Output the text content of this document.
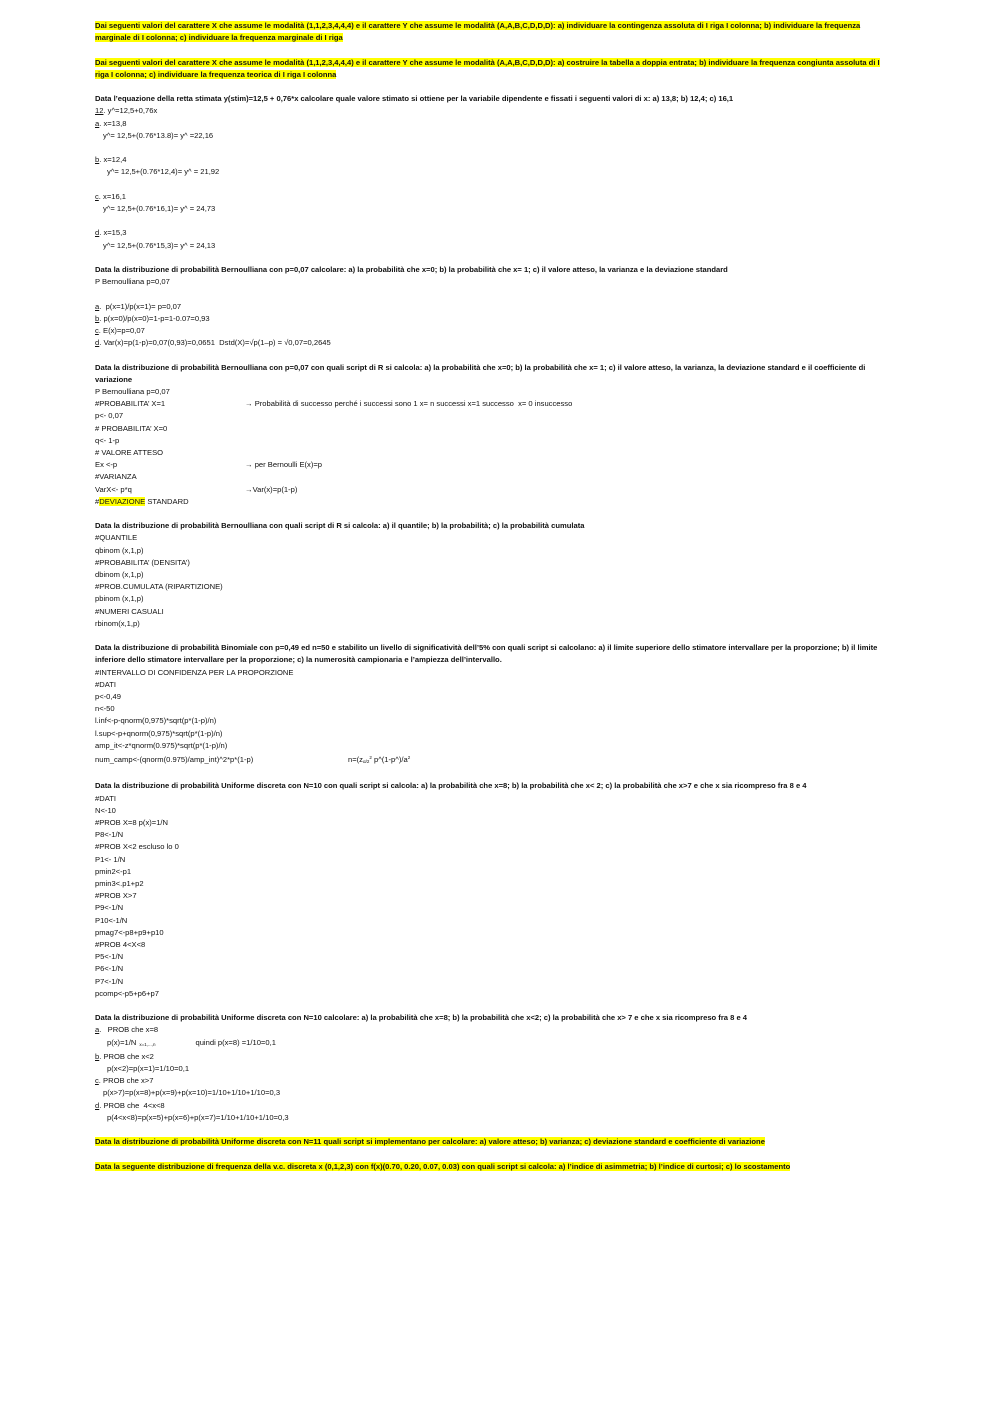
Dai seguenti valori del carattere X che assume le modalità (1,1,2,3,4,4,4) e il carattere Y che assume le modalità (A,A,B,C,D,D,D): a) individuare la contingenza assoluta di I riga I colonna; b) individuare la frequenza marginale di I colonna; c) individuare la frequenza marginale di I riga
Dai seguenti valori del carattere X che assume le modalità (1,1,2,3,4,4,4) e il carattere Y che assume le modalità (A,A,B,C,D,D,D): a) costruire la tabella a doppia entrata; b) individuare la frequenza congiunta assoluta di I riga I colonna; c) individuare la frequenza teorica di I riga I colonna
Data l’equazione della retta stimata y(stim)=12,5 + 0,76*x calcolare quale valore stimato si ottiene per la variabile dipendente e fissati i seguenti valori di x: a) 13,8; b) 12,4; c) 16,1
12. y^=12,5+0,76x
a. x=13,8
y^= 12,5+(0.76*13.8)= y^ =22,16
b. x=12,4
y^= 12,5+(0.76*12,4)= y^ = 21,92
c. x=16,1
y^= 12,5+(0.76*16,1)= y^ = 24,73
d. x=15,3
y^= 12,5+(0.76*15,3)= y^ = 24,13
Data la distribuzione di probabilità Bernoulliana con p=0,07 calcolare: a) la probabilità che x=0; b) la probabilità che x= 1; c) il valore atteso, la varianza e la deviazione standard
P Bernoulliana p=0,07
a.  p(x=1)/p(x=1)= p=0,07
b. p(x=0)/p(x=0)=1-p=1-0.07=0,93
c. E(x)=p=0,07
d. Var(x)=p(1-p)=0,07(0,93)=0,0651  Dstd(X)=√p(1–p) = √0,07=0,2645
Data la distribuzione di probabilità Bernoulliana con p=0,07 con quali script di R si calcola: a) la probabilità che x=0; b) la probabilità che x= 1; c) il valore atteso, la varianza, la deviazione standard e il coefficiente di variazione
P Bernoulliana p=0,07
#PROBABILITA’ X=1	→ Probabilità di successo perché i successi sono 1 x= n successi x=1 successo  x= 0 insuccesso
p<- 0,07
# PROBABILITA’ X=0
q<- 1-p
# VALORE ATTESO
Ex <-p	→ per Bernoulli E(x)=p
#VARIANZA
VarX<- p*q	→Var(x)=p(1-p)
#DEVIAZIONE STANDARD
Data la distribuzione di probabilità Bernoulliana con quali script di R si calcola: a) il quantile; b) la probabilità; c) la probabilità cumulata
#QUANTILE
qbinom (x,1,p)
#PROBABILITA’ (DENSITA’)
dbinom (x,1,p)
#PROB.CUMULATA (RIPARTIZIONE)
pbinom (x,1,p)
#NUMERI CASUALI
rbinom(x,1,p)
Data la distribuzione di probabilità Binomiale con p=0,49 ed n=50 e stabilito un livello di significatività dell’5% con quali script si calcolano: a) il limite superiore dello stimatore intervallare per la proporzione; b) il limite inferiore dello stimatore intervallare per la proporzione; c) la numerosità campionaria e l’ampiezza dell’intervallo.
#INTERVALLO DI CONFIDENZA PER LA PROPORZIONE
#DATI
p<-0,49
n<-50
l.inf<-p-qnorm(0,975)*sqrt(p*(1-p)/n)
l.sup<-p+qnorm(0,975)*sqrt(p*(1-p)/n)
amp_it<-z*qnorm(0.975)*sqrt(p*(1-p)/n)
num_camp<-(qnorm(0.975)/amp_int)^2*p*(1-p)	$n=(z_{\alpha/2}^2$ $p\^{}(1-p\^{})/a^2$
Data la distribuzione di probabilità Uniforme discreta con N=10 con quali script si calcola: a) la probabilità che x=8; b) la probabilità che x< 2; c) la probabilità che x>7 e che x sia ricompreso fra 8 e 4
#DATI
N<-10
#PROB X=8 p(x)=1/N
P8<-1/N
#PROB X<2 escluso lo 0
P1<- 1/N
pmin2<-p1
pmin3<.p1+p2
#PROB X>7
P9<-1/N
P10<-1/N
pmag7<-p8+p9+p10
#PROB 4<X<8
P5<-1/N
P6<-1/N
P7<-1/N
pcomp<-p5+p6+p7
Data la distribuzione di probabilità Uniforme discreta con N=10 calcolare: a) la probabilità che x=8; b) la probabilità che x<2; c) la probabilità che x> 7 e che x sia ricompreso fra 8 e 4
a.   PROB che x=8
p(x)=1/N $_{x=1,...,n}$	quindi p(x=8) =1/10=0,1
b. PROB che x<2
p(x<2)=p(x=1)=1/10=0,1
c. PROB che x>7
p(x>7)=p(x=8)+p(x=9)+p(x=10)=1/10+1/10+1/10=0,3
d. PROB che  4<x<8
p(4<x<8)=p(x=5)+p(x=6)+p(x=7)=1/10+1/10+1/10=0,3
Data la distribuzione di probabilità Uniforme discreta con N=11 quali script si implementano per calcolare: a) valore atteso; b) varianza; c) deviazione standard e coefficiente di variazione
Data la seguente distribuzione di frequenza della v.c. discreta x (0,1,2,3) con f(x)(0.70, 0.20, 0.07, 0.03) con quali script si calcola: a) l’indice di asimmetria; b) l’indice di curtosi; c) lo scostamento
